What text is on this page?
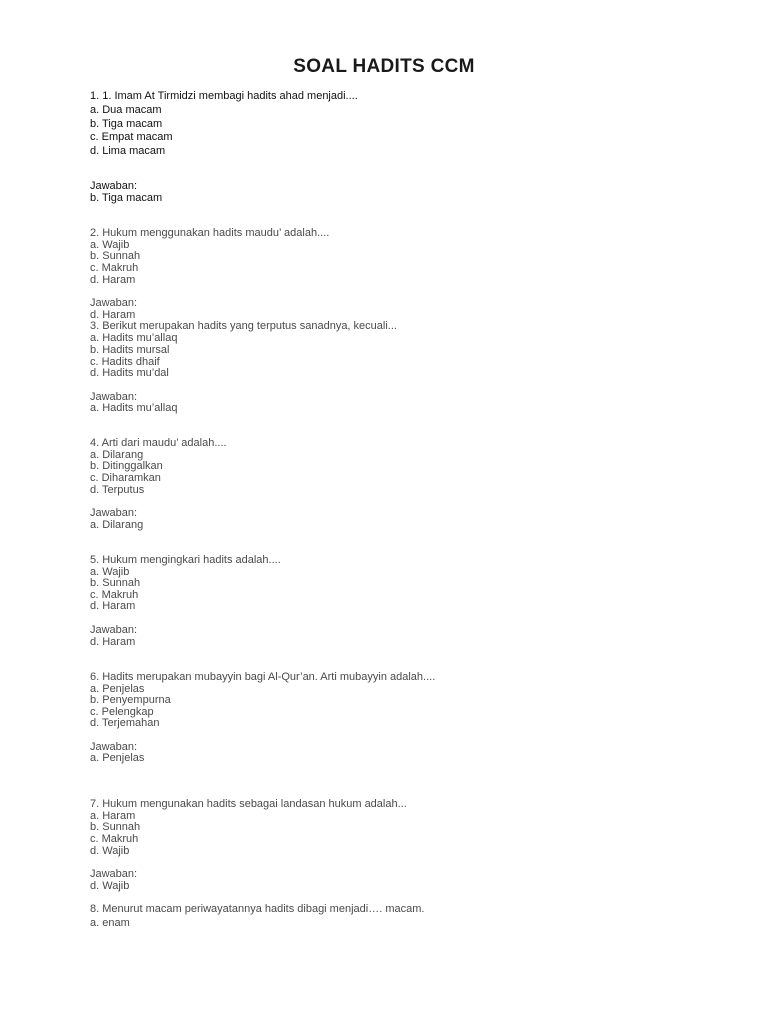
SOAL HADITS CCM

1. 1. Imam At Tirmidzi membagi hadits ahad menjadi....

a. Dua macam

b. Tiga macam

c. Empat macam

d. Lima macam

Jawaban:

b. Tiga macam

2. Hukum menggunakan hadits maudu’ adalah....

a. Wajib

b. Sunnah

c. Makruh

d. Haram

Jawaban:

d. Haram

3. Berikut merupakan hadits yang terputus sanadnya, kecuali...

a. Hadits mu’allaq

b. Hadits mursal

c. Hadits dhaif

d. Hadits mu’dal

Jawaban:

a. Hadits mu’allaq

4. Arti dari maudu’ adalah....

a. Dilarang

b. Ditinggalkan

c. Diharamkan

d. Terputus

Jawaban:

a. Dilarang

5. Hukum mengingkari hadits adalah....

a. Wajib

b. Sunnah

c. Makruh

d. Haram

Jawaban:

d. Haram

6. Hadits merupakan mubayyin bagi Al-Qur’an. Arti mubayyin adalah....

a. Penjelas

b. Penyempurna

c. Pelengkap

d. Terjemahan

Jawaban:

a. Penjelas

7. Hukum mengunakan hadits sebagai landasan hukum adalah...

a. Haram

b. Sunnah

c. Makruh

d. Wajib

Jawaban:

d. Wajib

8. Menurut macam periwayatannya hadits dibagi menjadi…. macam.

a. enam
